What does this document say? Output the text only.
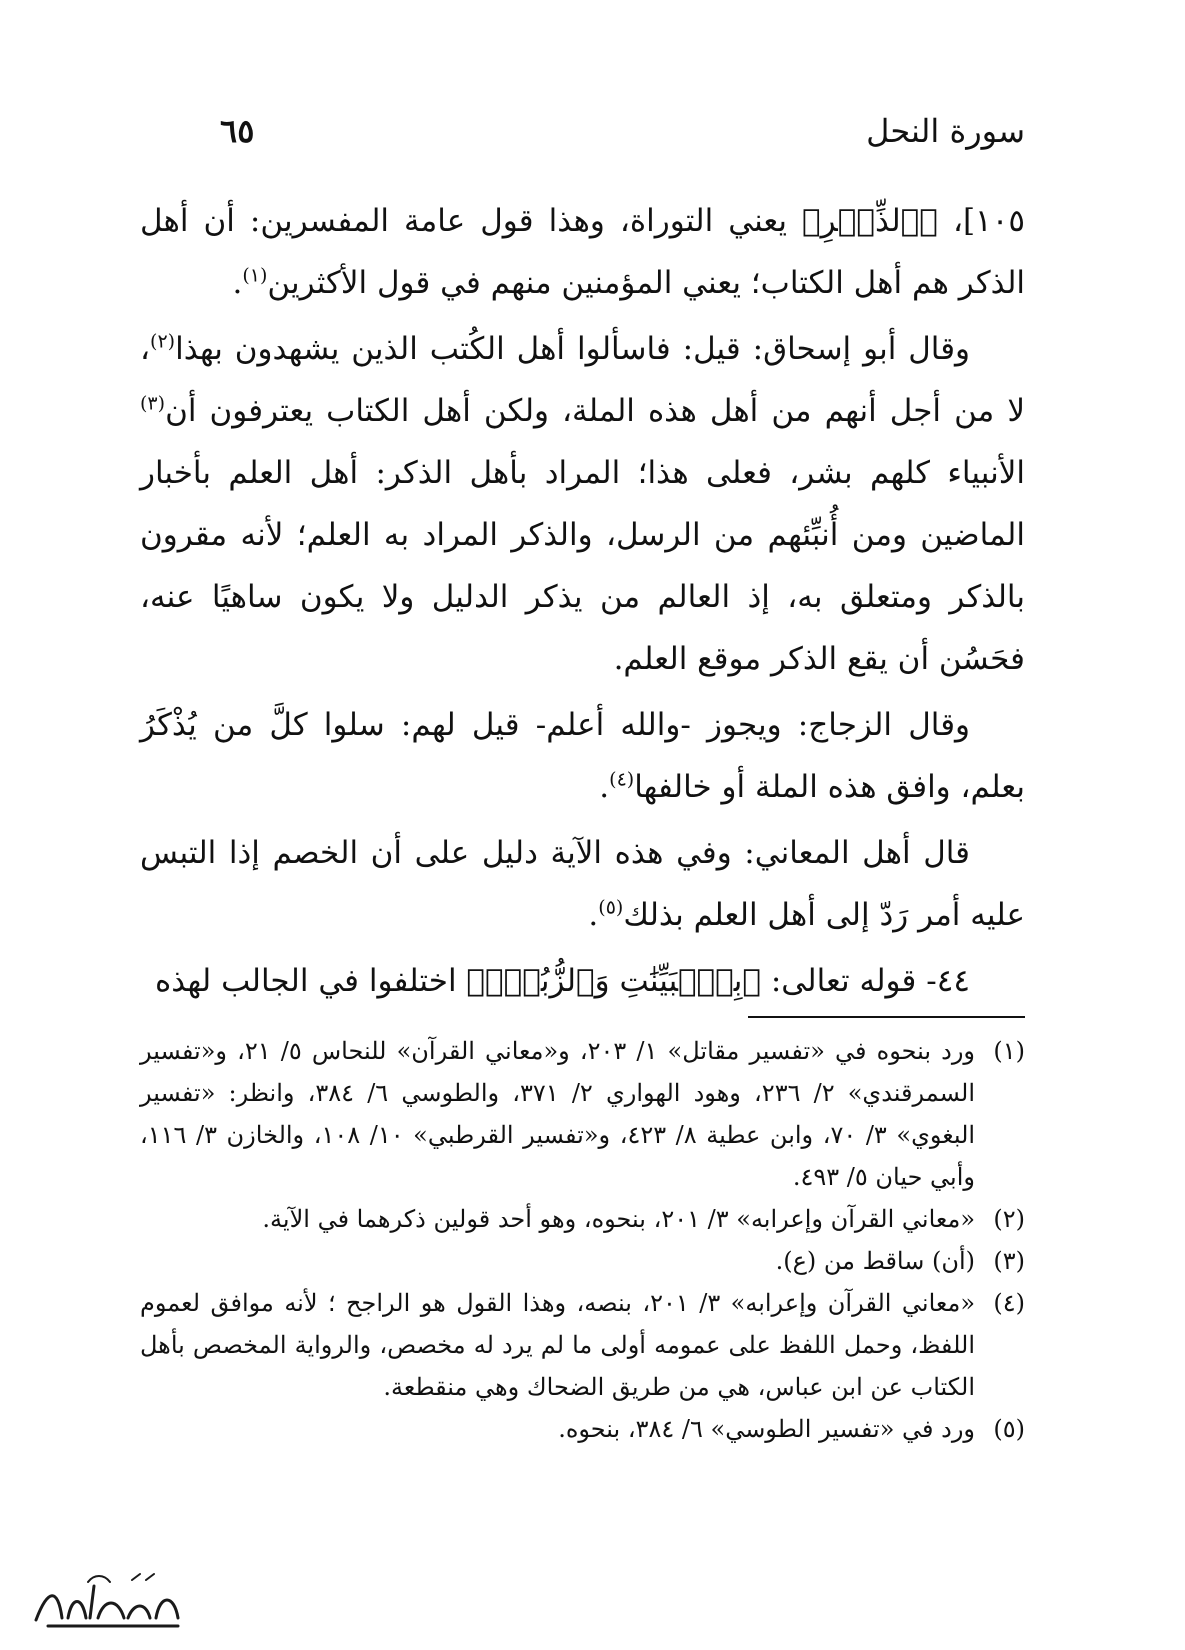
سورة النحل
٦٥

١٠٥]، ﴿ٱلذِّكۡرِ﴾ يعني التوراة، وهذا قول عامة المفسرين: أن أهل الذكر هم أهل الكتاب؛ يعني المؤمنين منهم في قول الأكثرين$^{(١)}$.

وقال أبو إسحاق: قيل: فاسألوا أهل الكُتب الذين يشهدون بهذا$^{(٢)}$، لا من أجل أنهم من أهل هذه الملة، ولكن أهل الكتاب يعترفون أن$^{(٣)}$ الأنبياء كلهم بشر، فعلى هذا؛ المراد بأهل الذكر: أهل العلم بأخبار الماضين ومن أُنبِّئهم من الرسل، والذكر المراد به العلم؛ لأنه مقرون بالذكر ومتعلق به، إذ العالم من يذكر الدليل ولا يكون ساهيًا عنه، فحَسُن أن يقع الذكر موقع العلم.

وقال الزجاج: ويجوز -والله أعلم- قيل لهم: سلوا كلَّ من يُذْكَرُ بعلم، وافق هذه الملة أو خالفها$^{(٤)}$.

قال أهل المعاني: وفي هذه الآية دليل على أن الخصم إذا التبس عليه أمر رَدّ إلى أهل العلم بذلك$^{(٥)}$.

٤٤- قوله تعالى: ﴿بِٱلۡبَيِّنَٰتِ وَٱلزُّبُرِۗ﴾ اختلفوا في الجالب لهذه

(١)
ورد بنحوه في «تفسير مقاتل» ١/ ٢٠٣، و«معاني القرآن» للنحاس ٥/ ٢١، و«تفسير السمرقندي» ٢/ ٢٣٦، وهود الهواري ٢/ ٣٧١، والطوسي ٦/ ٣٨٤، وانظر: «تفسير البغوي» ٣/ ٧٠، وابن عطية ٨/ ٤٢٣، و«تفسير القرطبي» ١٠/ ١٠٨، والخازن ٣/ ١١٦، وأبي حيان ٥/ ٤٩٣.
(٢)
«معاني القرآن وإعرابه» ٣/ ٢٠١، بنحوه، وهو أحد قولين ذكرهما في الآية.
(٣)
(أن) ساقط من (ع).
(٤)
«معاني القرآن وإعرابه» ٣/ ٢٠١، بنصه، وهذا القول هو الراجح ؛ لأنه موافق لعموم اللفظ، وحمل اللفظ على عمومه أولى ما لم يرد له مخصص، والرواية المخصص بأهل الكتاب عن ابن عباس، هي من طريق الضحاك وهي منقطعة.
(٥)
ورد في «تفسير الطوسي» ٦/ ٣٨٤، بنحوه.
